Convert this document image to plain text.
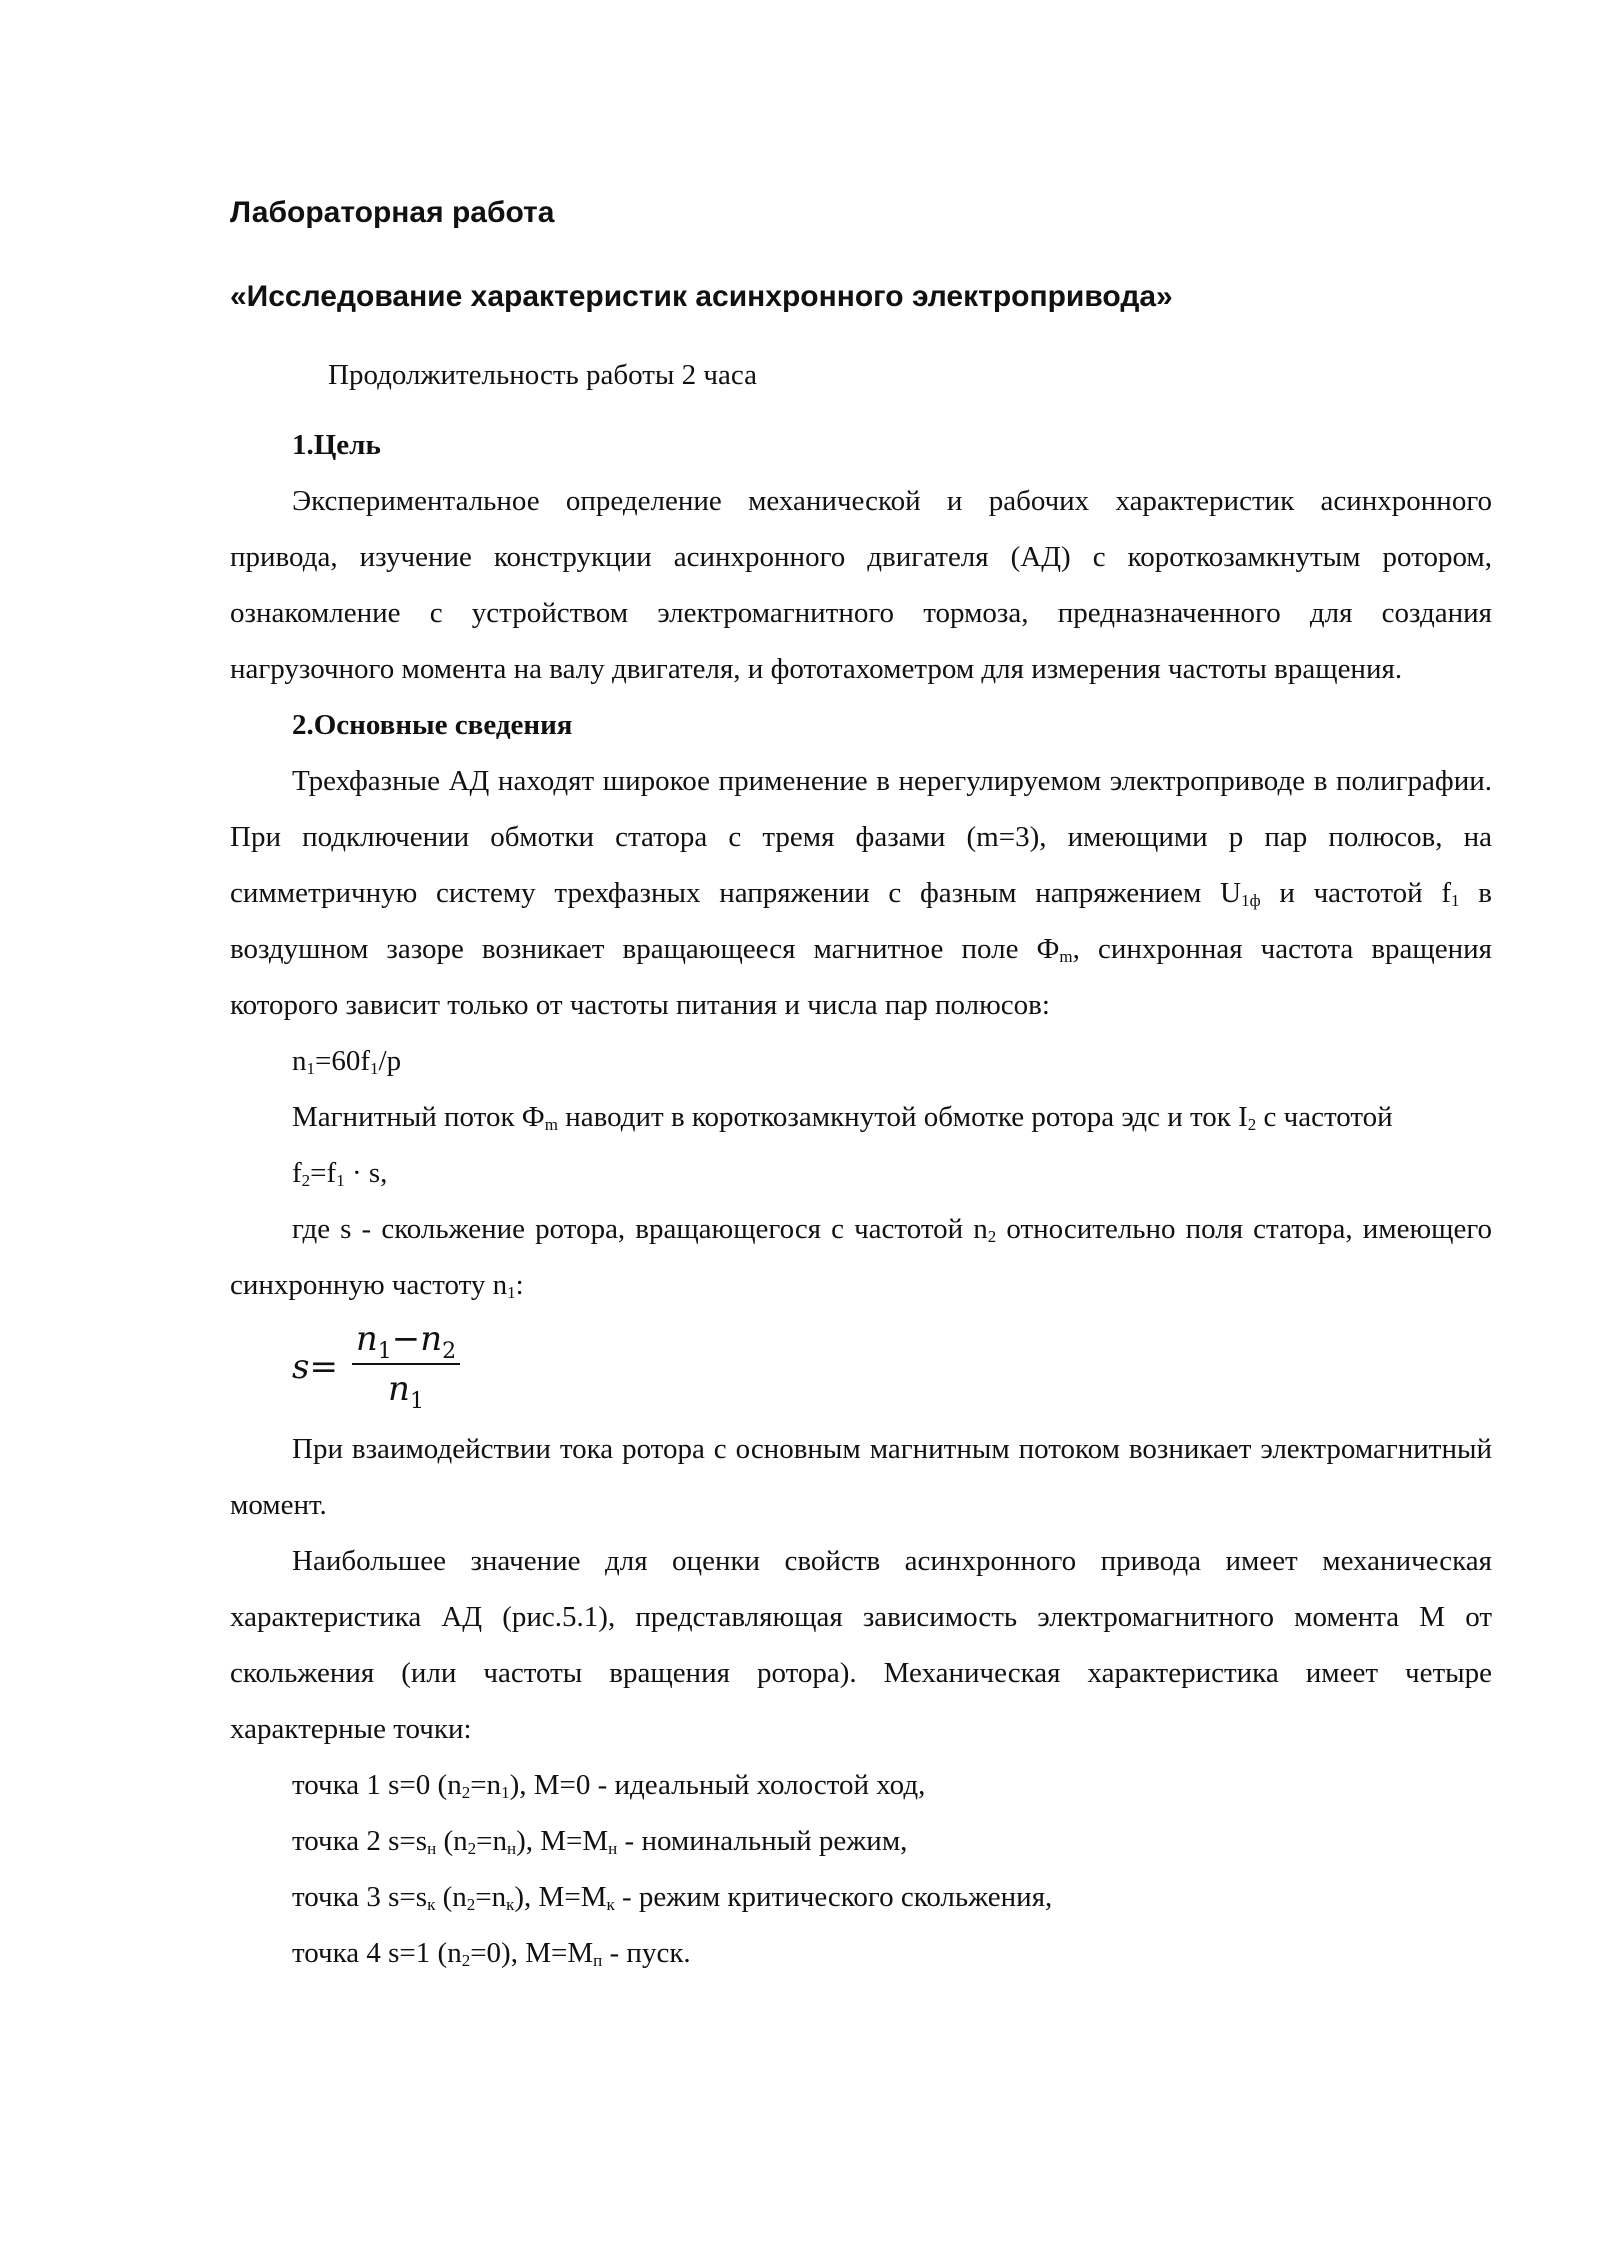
Лабораторная работа
«Исследование характеристик асинхронного электропривода»

Продолжительность работы 2 часа

1.Цель

Экспериментальное определение механической и рабочих характеристик асинхронного привода, изучение конструкции асинхронного двигателя (АД) с короткозамкнутым ротором, ознакомление с устройством электромагнитного тормоза, предназначенного для создания нагрузочного момента на валу двигателя, и фототахометром для измерения частоты вращения.

2.Основные сведения

Трехфазные АД находят широкое применение в нерегулируемом электроприводе в полиграфии. При подключении обмотки статора с тремя фазами (m=3), имеющими p пар полюсов, на симметричную систему трехфазных напряжении с фазным напряжением $U_{1ф}$ и частотой $f_1$ в воздушном зазоре возникает вращающееся магнитное поле $Ф_m$, синхронная частота вращения которого зависит только от частоты питания и числа пар полюсов:

$n_1=60f_1/p$

Магнитный поток $Ф_m$ наводит в короткозамкнутой обмотке ротора эдс и ток $I_2$ с частотой

$f_2=f_1 \cdot s$,

где s - скольжение ротора, вращающегося с частотой $n_2$ относительно поля статора, имеющего синхронную частоту $n_1$:

s=
$n_1-n_2$
$n_1$

При взаимодействии тока ротора с основным магнитным потоком возникает электромагнитный момент.

Наибольшее значение для оценки свойств асинхронного привода имеет механическая характеристика АД (рис.5.1), представляющая зависимость электромагнитного момента М от скольжения (или частоты вращения ротора). Механическая характеристика имеет четыре характерные точки:

точка 1 s=0 $(n_2=n_1)$, М=0 - идеальный холостой ход,

точка 2 $s=s_н$ $(n_2=n_н)$, $М=М_н$ - номинальный режим,

точка 3 $s=s_к$ $(n_2=n_к)$, $М=М_к$ - режим критического скольжения,

точка 4 s=1 $(n_2=0)$, $М=М_п$ - пуск.
